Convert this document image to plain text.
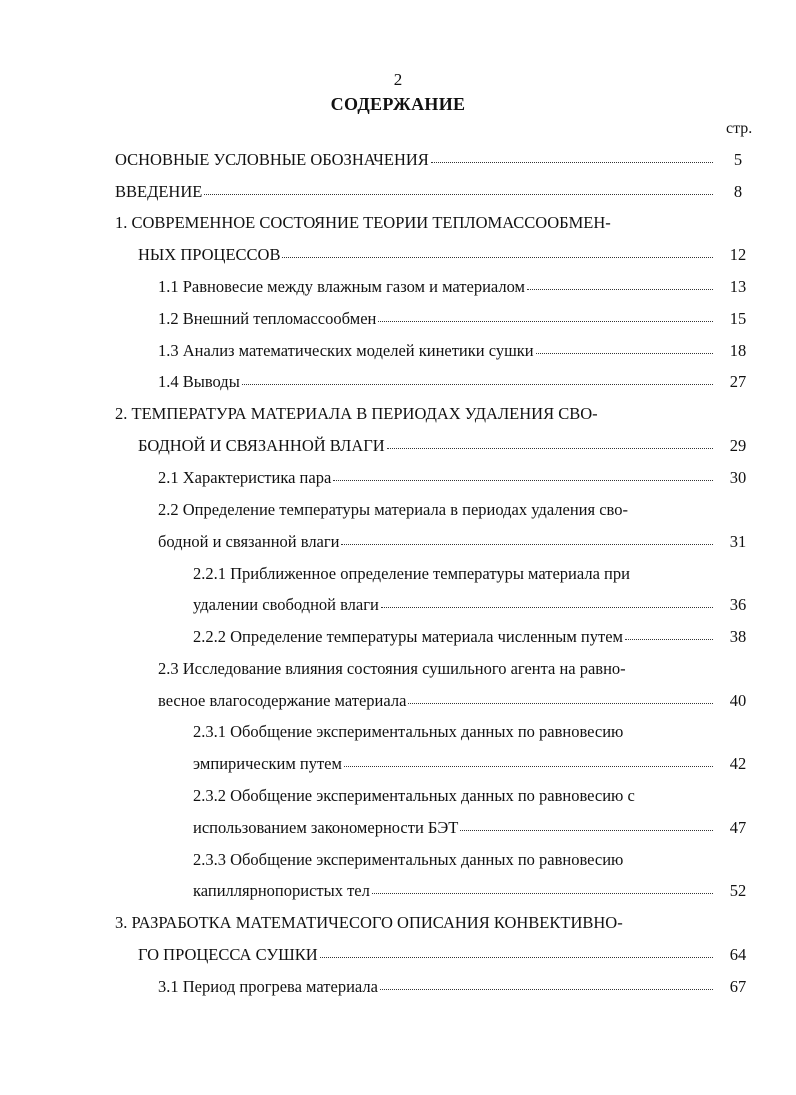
2
СОДЕРЖАНИЕ
стр.
ОСНОВНЫЕ УСЛОВНЫЕ ОБОЗНАЧЕНИЯ	5
ВВЕДЕНИЕ	8
1. СОВРЕМЕННОЕ СОСТОЯНИЕ ТЕОРИИ ТЕПЛОМАССООБМЕН-
НЫХ ПРОЦЕССОВ	12
1.1 Равновесие между влажным газом и материалом	13
1.2 Внешний тепломассообмен	15
1.3 Анализ математических моделей кинетики сушки	18
1.4 Выводы	27
2. ТЕМПЕРАТУРА МАТЕРИАЛА В ПЕРИОДАХ УДАЛЕНИЯ СВО-
БОДНОЙ И СВЯЗАННОЙ ВЛАГИ	29
2.1 Характеристика пара	30
2.2 Определение температуры материала в периодах удаления сво-
бодной и связанной влаги	31
2.2.1 Приближенное определение температуры материала при
удалении свободной влаги	36
2.2.2 Определение температуры материала численным путем	38
2.3 Исследование влияния состояния сушильного агента на равно-
весное влагосодержание материала	40
2.3.1 Обобщение экспериментальных данных по равновесию
эмпирическим путем	42
2.3.2 Обобщение экспериментальных данных по равновесию с
использованием закономерности БЭТ	47
2.3.3 Обобщение экспериментальных данных по равновесию
капиллярнопористых тел	52
3. РАЗРАБОТКА МАТЕМАТИЧЕСОГО ОПИСАНИЯ КОНВЕКТИВНО-
ГО ПРОЦЕССА СУШКИ	64
3.1 Период прогрева материала	67
